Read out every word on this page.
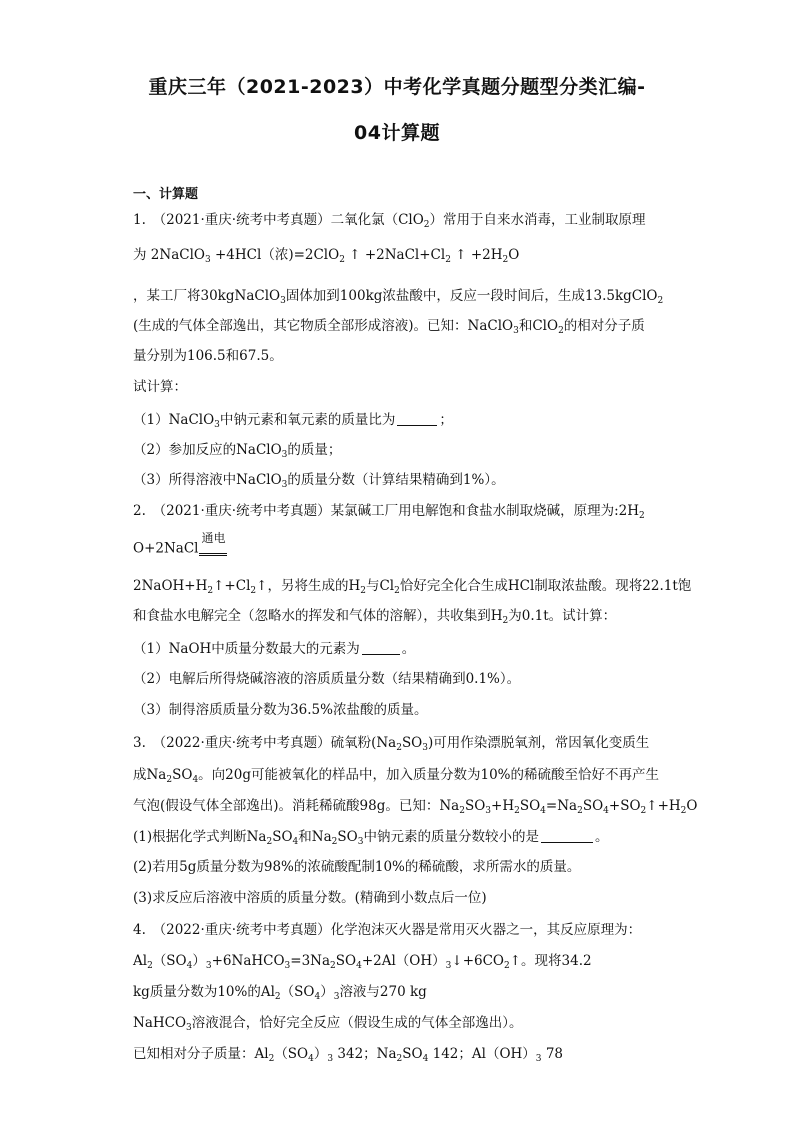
重庆三年（2021-2023）中考化学真题分题型分类汇编-
04计算题
一、计算题
1.　（2021·重庆·统考中考真题）二氧化氯（ClO$_2$）常用于自来水消毒，工业制取原理
为 2NaClO$_3$ +4HCl（浓)=2ClO$_2$ ↑ $+2NaCl+Cl_2$ ↑ $+2H_2O$
，某工厂将30kgNaClO$_3$固体加到100kg浓盐酸中，反应一段时间后，生成13.5kgClO$_2$
(生成的气体全部逸出，其它物质全部形成溶液)。已知：NaClO$_3$和ClO$_2$的相对分子质
量分别为106.5和67.5。
试计算：
（1）NaClO$_3$中钠元素和氧元素的质量比为	；
（2）参加反应的NaClO$_3$的质量；
（3）所得溶液中NaClO$_3$的质量分数（计算结果精确到1%）。
2.　（2021·重庆·统考中考真题）某氯碱工厂用电解饱和食盐水制取烧碱，原理为$:2H_2$
O+2NaCl
通电
$2NaOH+H_2↑+Cl_2↑$，另将生成的$H_2$与$Cl_2$恰好完全化合生成HCl制取浓盐酸。现将22.1t饱
和食盐水电解完全（忽略水的挥发和气体的溶解），共收集到$H_2$为0.1t。试计算：
（1）NaOH中质量分数最大的元素为	。
（2）电解后所得烧碱溶液的溶质质量分数（结果精确到0.1%）。
（3）制得溶质质量分数为36.5%浓盐酸的质量。
3.　（2022·重庆·统考中考真题）硫氧粉$(Na_2SO_3)$可用作染漂脱氧剂，常因氧化变质生
成$Na_2SO_4$。向20g可能被氧化的样品中，加入质量分数为10%的稀硫酸至恰好不再产生
气泡(假设气体全部逸出)。消耗稀硫酸98g。已知：$Na_2SO_3+H_2SO_4=Na_2SO_4+SO_2↑+H_2O$
(1)根据化学式判断$Na_2SO_4$和$Na_2SO_3$中钠元素的质量分数较小的是	。
(2)若用5g质量分数为98%的浓硫酸配制10%的稀硫酸，求所需水的质量。
(3)求反应后溶液中溶质的质量分数。(精确到小数点后一位)
4.　（2022·重庆·统考中考真题）化学泡沫灭火器是常用灭火器之一，其反应原理为：
$Al_2(SO_4)_3+6NaHCO_3=3Na_2SO_4+2Al(OH)_3↓+6CO_2↑$。现将34.2
kg质量分数为10%的$Al_2(SO_4)_3$溶液与270 kg
NaHCO$_3$溶液混合，恰好完全反应（假设生成的气体全部逸出）。
已知相对分子质量：$Al_2(SO_4)_3$ 342；$Na_2SO_4$ 142；$Al(OH)_3$ 78
